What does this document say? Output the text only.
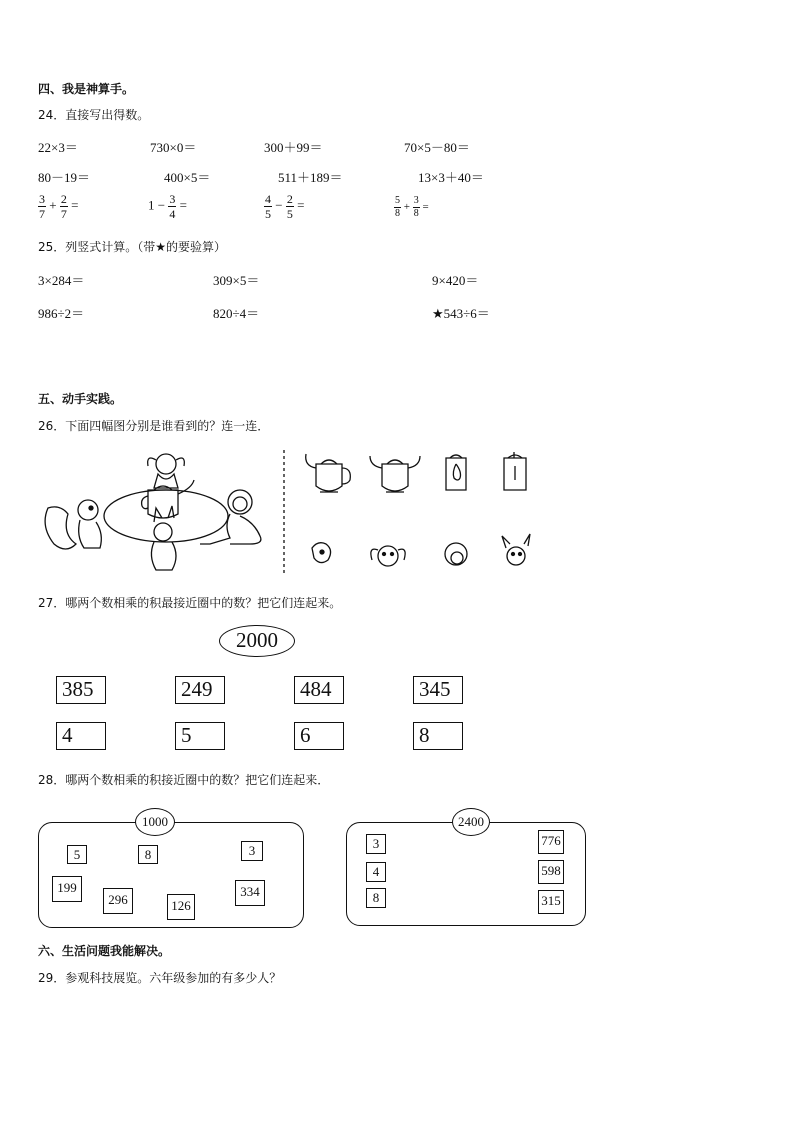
四、我是神算手。
24．直接写出得数。
22×3＝	730×0＝	300＋99＝	70×5－80＝
80－19＝	400×5＝	511＋189＝	13×3＋40＝
$\frac{3}{7} + \frac{2}{7}$ =	$1 - \frac{3}{4}$ =	$\frac{4}{5} - \frac{2}{5}$ =	$\frac{5}{8} + \frac{3}{8}$ =
25．列竖式计算。（带★的要验算）
3×284＝	309×5＝	9×420＝
986÷2＝	820÷4＝	★543÷6＝
五、动手实践。
26．下面四幅图分别是谁看到的？连一连．
27．哪两个数相乘的积最接近圈中的数？把它们连起来。
2000
385	249	484	345
4	5	6	8
28．哪两个数相乘的积接近圈中的数？把它们连起来．
1000
5	8	3
199
296	126
334
2400
3
4
8
776
598
315
六、生活问题我能解决。
29．参观科技展览。六年级参加的有多少人？
